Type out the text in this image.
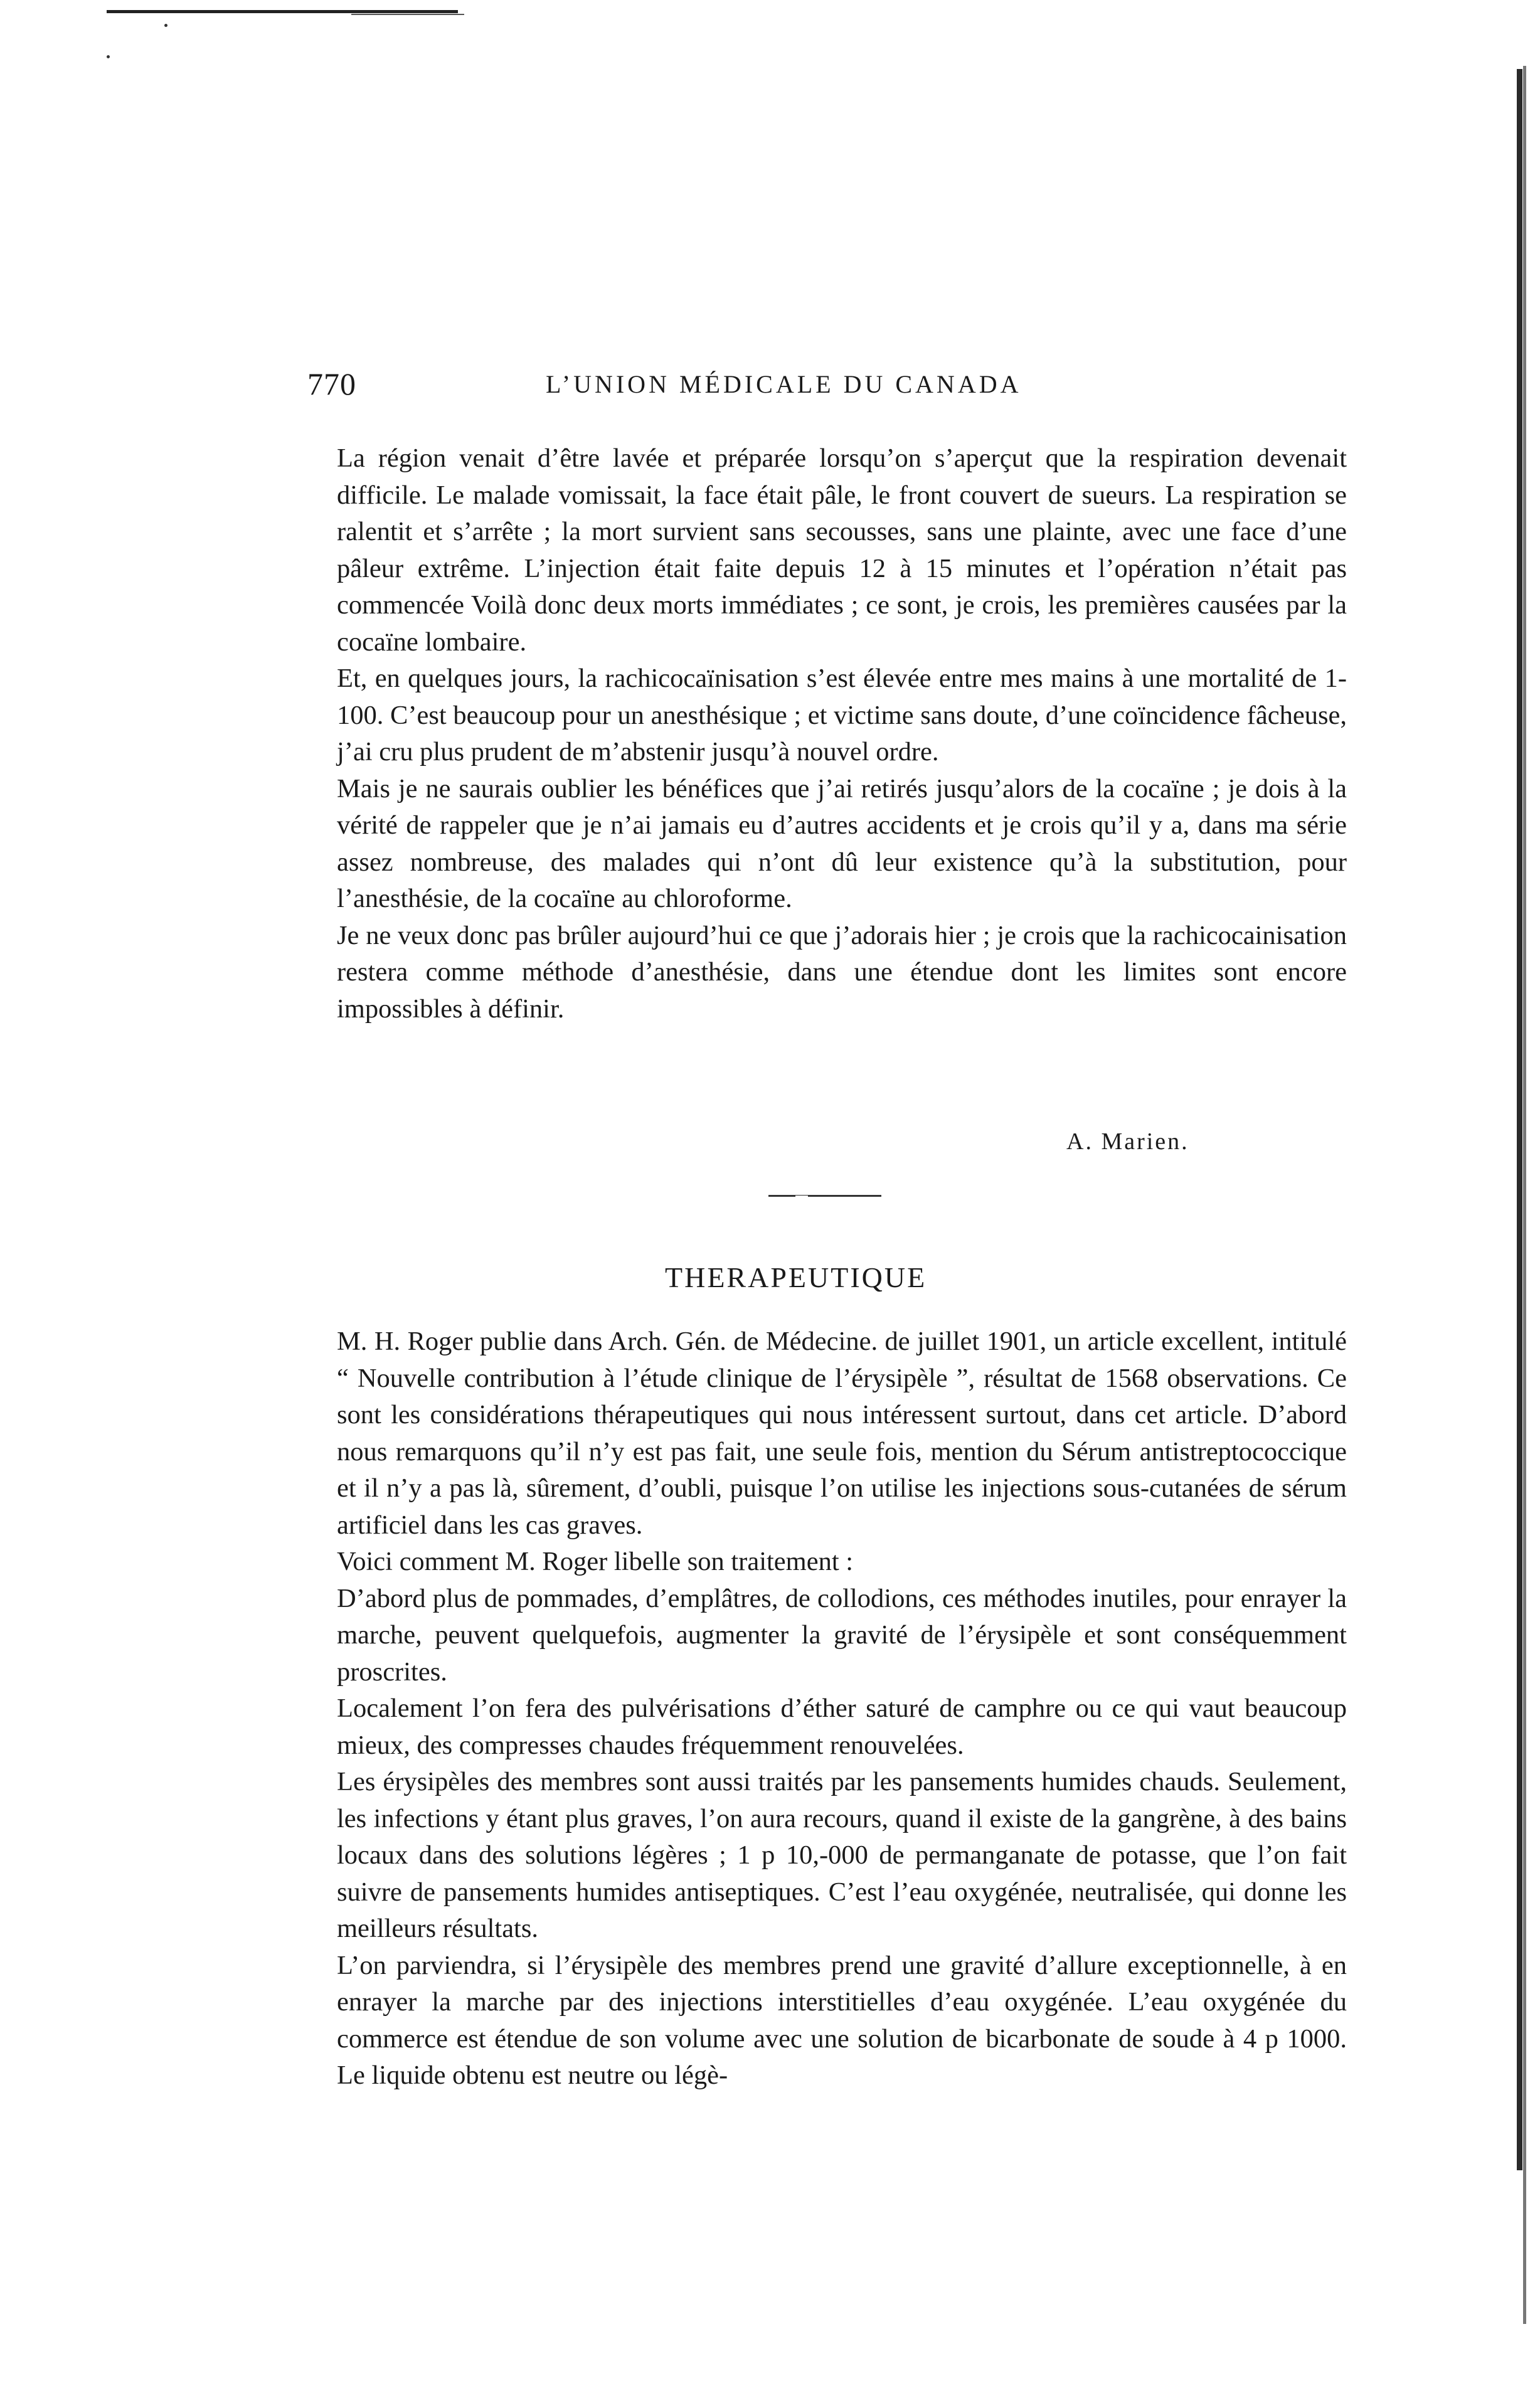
770	L’UNION MÉDICALE DU CANADA

La région venait d’être lavée et préparée lorsqu’on s’aperçut que la respiration devenait difficile. Le malade vomissait, la face était pâle, le front couvert de sueurs. La respiration se ralentit et s’arrête ; la mort survient sans secousses, sans une plainte, avec une face d’une pâleur extrême. L’injection était faite depuis 12 à 15 minutes et l’opération n’était pas commencée Voilà donc deux morts immédiates ; ce sont, je crois, les premières causées par la cocaïne lombaire.

Et, en quelques jours, la rachicocaïnisation s’est élevée entre mes mains à une mortalité de 1-100. C’est beaucoup pour un anesthésique ; et victime sans doute, d’une coïncidence fâcheuse, j’ai cru plus prudent de m’abstenir jusqu’à nouvel ordre.

Mais je ne saurais oublier les bénéfices que j’ai retirés jusqu’alors de la cocaïne ; je dois à la vérité de rappeler que je n’ai jamais eu d’autres accidents et je crois qu’il y a, dans ma série assez nombreuse, des malades qui n’ont dû leur existence qu’à la substitution, pour l’anesthésie, de la cocaïne au chloroforme.

Je ne veux donc pas brûler aujourd’hui ce que j’adorais hier ; je crois que la rachicocainisation restera comme méthode d’anesthésie, dans une étendue dont les limites sont encore impossibles à définir.

A. Marien.
THERAPEUTIQUE

M. H. Roger publie dans Arch. Gén. de Médecine. de juillet 1901, un article excellent, intitulé “ Nouvelle contribution à l’étude clinique de l’érysipèle ”, résultat de 1568 observations. Ce sont les considérations thérapeutiques qui nous intéressent surtout, dans cet article. D’abord nous remarquons qu’il n’y est pas fait, une seule fois, mention du Sérum antistreptococcique et il n’y a pas là, sûrement, d’oubli, puisque l’on utilise les injections sous-cutanées de sérum artificiel dans les cas graves.

Voici comment M. Roger libelle son traitement :

D’abord plus de pommades, d’emplâtres, de collodions, ces méthodes inutiles, pour enrayer la marche, peuvent quelquefois, augmenter la gravité de l’érysipèle et sont conséquemment proscrites.

Localement l’on fera des pulvérisations d’éther saturé de camphre ou ce qui vaut beaucoup mieux, des compresses chaudes fréquemment renouvelées.

Les érysipèles des membres sont aussi traités par les pansements humides chauds. Seulement, les infections y étant plus graves, l’on aura recours, quand il existe de la gangrène, à des bains locaux dans des solutions légères ; 1 p 10,-000 de permanganate de potasse, que l’on fait suivre de pansements humides antiseptiques. C’est l’eau oxygénée, neutralisée, qui donne les meilleurs résultats.

L’on parviendra, si l’érysipèle des membres prend une gravité d’allure exceptionnelle, à en enrayer la marche par des injections interstitielles d’eau oxygénée. L’eau oxygénée du commerce est étendue de son volume avec une solution de bicarbonate de soude à 4 p 1000. Le liquide obtenu est neutre ou légè-
